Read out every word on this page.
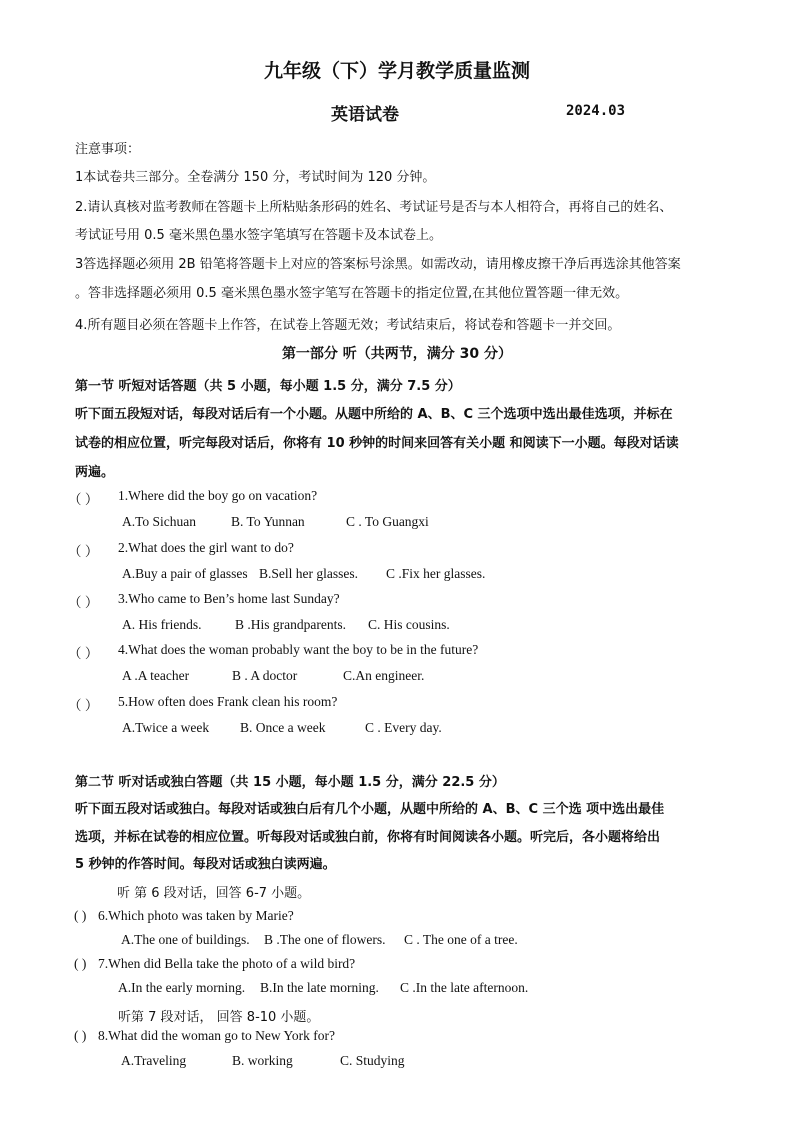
九年级（下）学月教学质量监测
英语试卷	2024.03
注意事项：
1本试卷共三部分。全卷满分 150 分，考试时间为 120 分钟。
2.请认真核对监考教师在答题卡上所粘贴条形码的姓名、考试证号是否与本人相符合，再将自己的姓名、
考试证号用 0.5 毫米黑色墨水签字笔填写在答题卡及本试卷上。
3答选择题必须用 2B 铅笔将答题卡上对应的答案标号涂黑。如需改动，请用橡皮擦干净后再选涂其他答案
。答非选择题必须用 0.5 毫米黑色墨水签字笔写在答题卡的指定位置,在其他位置答题一律无效。
4.所有题目必须在答题卡上作答，在试卷上答题无效；考试结束后，将试卷和答题卡一并交回。
第一部分 听（共两节，满分 30 分）
第一节 听短对话答题（共 5 小题，每小题 1.5 分，满分 7.5 分）
听下面五段短对话，每段对话后有一个小题。从题中所给的 A、B、C 三个选项中选出最佳选项，并标在
试卷的相应位置，听完每段对话后，你将有 10 秒钟的时间来回答有关小题 和阅读下一小题。每段对话读
两遍。
（ ） 1.Where did the boy go on vacation?
A.To Sichuan	B. To Yunnan	C . To Guangxi
（ ） 2.What does the girl want to do?
A.Buy a pair of glasses B.Sell her glasses. C .Fix her glasses.
（ ） 3.Who came to Ben’s home last Sunday?
A. His friends. B .His grandparents. C. His cousins.
（ ） 4.What does the woman probably want the boy to be in the future?
A .A teacher	B . A doctor	C.An engineer.
（ ） 5.How often does Frank clean his room?
A.Twice a week B. Once a week	C . Every day.
第二节 听对话或独白答题（共 15 小题，每小题 1.5 分，满分 22.5 分）
听下面五段对话或独白。每段对话或独白后有几个小题，从题中所给的 A、B、C 三个选 项中选出最佳
选项，并标在试卷的相应位置。听每段对话或独白前，你将有时间阅读各小题。听完后，各小题将给出
5 秒钟的作答时间。每段对话或独白读两遍。
听 第 6 段对话，回答 6-7 小题。
( ) 6.Which photo was taken by Marie?
A.The one of buildings. B .The one of flowers. C . The one of a tree.
( ) 7.When did Bella take the photo of a wild bird?
A.In the early morning. B.In the late morning. C .In the late afternoon.
听第 7 段对话， 回答 8-10 小题。
( ) 8.What did the woman go to New York for?
A.Traveling	B. working	C. Studying
